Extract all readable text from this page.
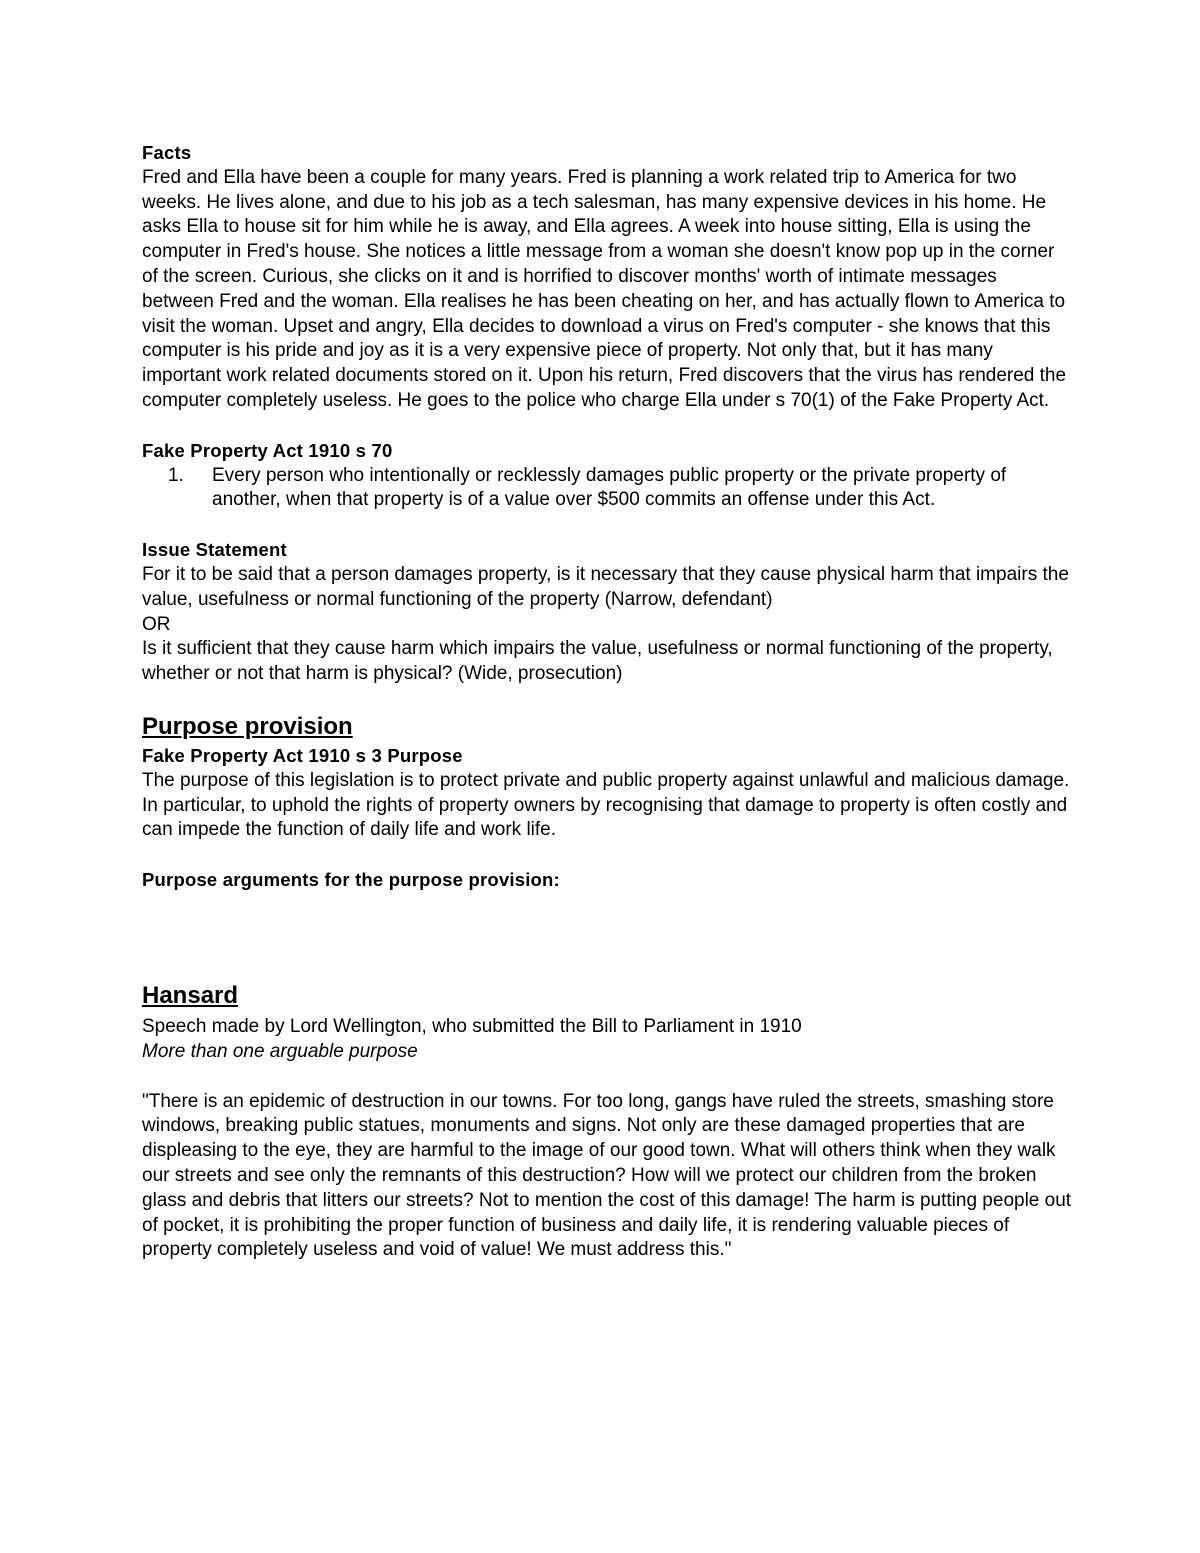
Facts

Fred and Ella have been a couple for many years. Fred is planning a work related trip to America for two weeks. He lives alone, and due to his job as a tech salesman, has many expensive devices in his home. He asks Ella to house sit for him while he is away, and Ella agrees. A week into house sitting, Ella is using the computer in Fred's house. She notices a little message from a woman she doesn't know pop up in the corner of the screen. Curious, she clicks on it and is horrified to discover months' worth of intimate messages between Fred and the woman. Ella realises he has been cheating on her, and has actually flown to America to visit the woman. Upset and angry, Ella decides to download a virus on Fred's computer - she knows that this computer is his pride and joy as it is a very expensive piece of property. Not only that, but it has many important work related documents stored on it. Upon his return, Fred discovers that the virus has rendered the computer completely useless. He goes to the police who charge Ella under s 70(1) of the Fake Property Act.

Fake Property Act 1910 s 70

1.	Every person who intentionally or recklessly damages public property or the private property of another, when that property is of a value over $500 commits an offense under this Act.

Issue Statement

For it to be said that a person damages property, is it necessary that they cause physical harm that impairs the value, usefulness or normal functioning of the property (Narrow, defendant)

OR

Is it sufficient that they cause harm which impairs the value, usefulness or normal functioning of the property, whether or not that harm is physical? (Wide, prosecution)

Purpose provision

Fake Property Act 1910 s 3 Purpose

The purpose of this legislation is to protect private and public property against unlawful and malicious damage. In particular, to uphold the rights of property owners by recognising that damage to property is often costly and can impede the function of daily life and work life.

Purpose arguments for the purpose provision:

Hansard

Speech made by Lord Wellington, who submitted the Bill to Parliament in 1910

More than one arguable purpose

"There is an epidemic of destruction in our towns. For too long, gangs have ruled the streets, smashing store windows, breaking public statues, monuments and signs. Not only are these damaged properties that are displeasing to the eye, they are harmful to the image of our good town. What will others think when they walk our streets and see only the remnants of this destruction? How will we protect our children from the broken glass and debris that litters our streets? Not to mention the cost of this damage! The harm is putting people out of pocket, it is prohibiting the proper function of business and daily life, it is rendering valuable pieces of property completely useless and void of value! We must address this."
